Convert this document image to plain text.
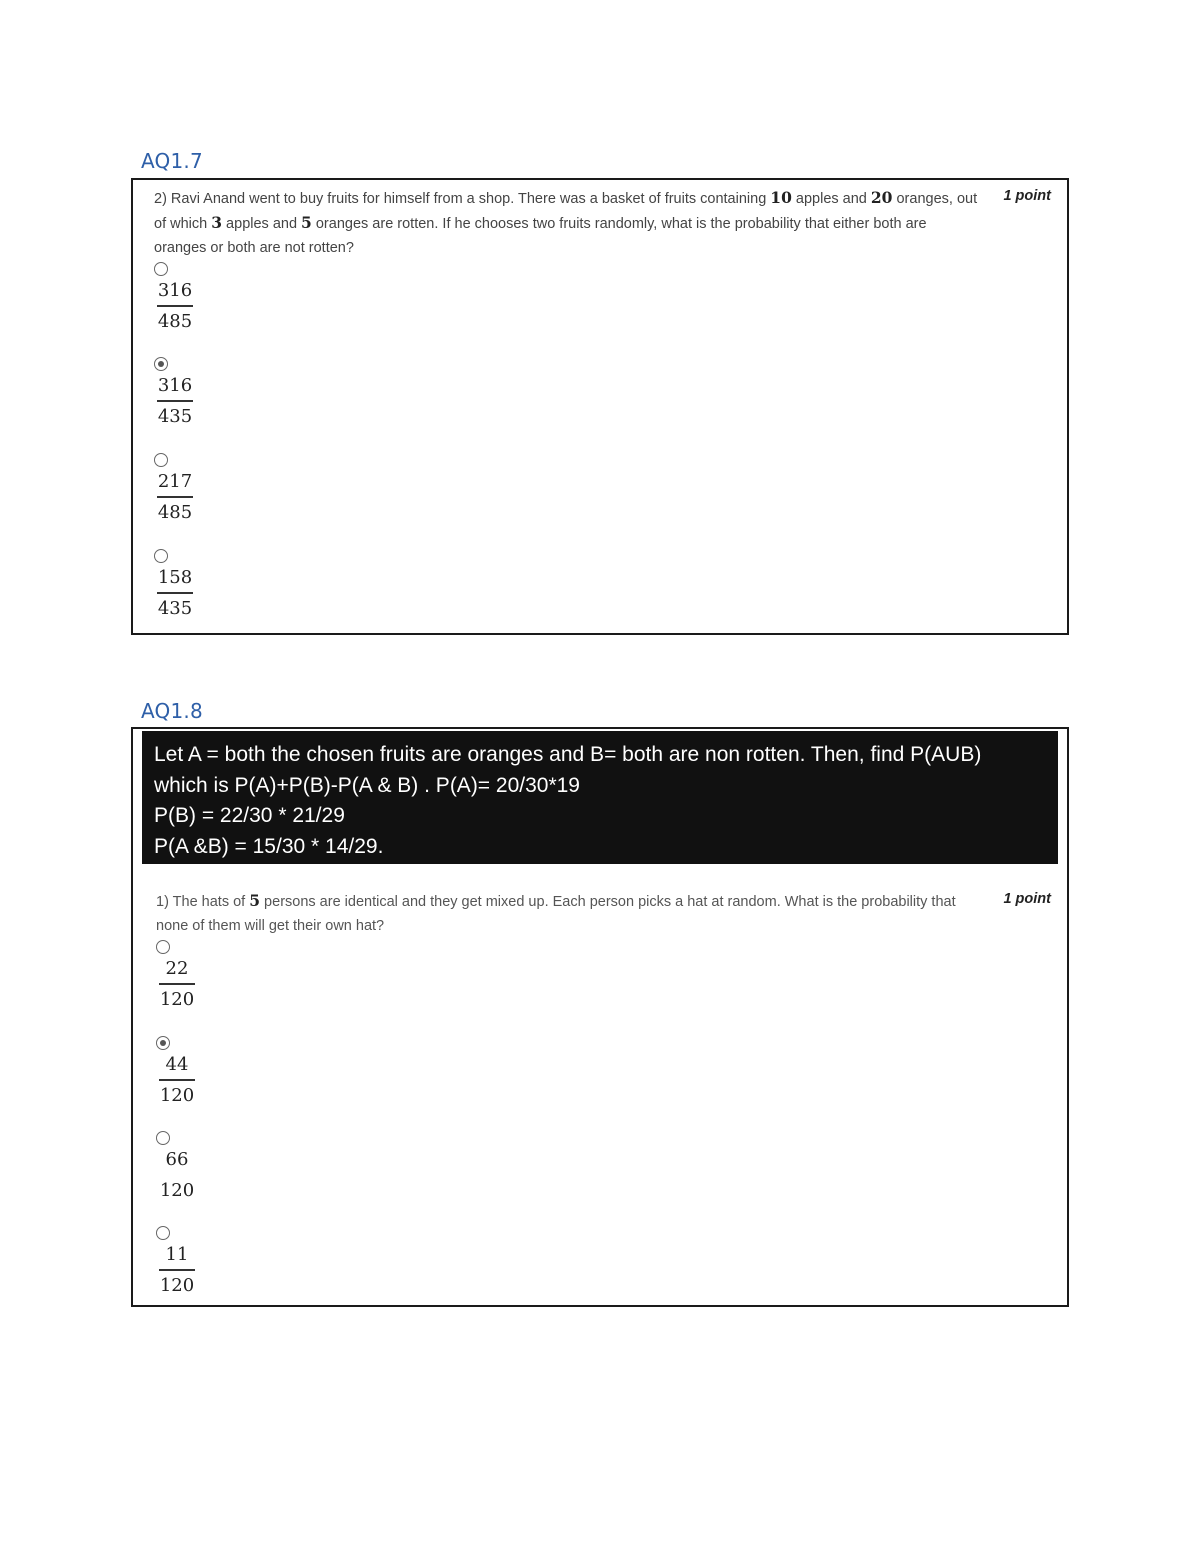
AQ1.7
2) Ravi Anand went to buy fruits for himself from a shop. There was a basket of fruits containing 10 apples and 20 oranges, out of which 3 apples and 5 oranges are rotten. If he chooses two fruits randomly, what is the probability that either both are oranges or both are not rotten?
1 point
316
485
316
435
217
485
158
435
AQ1.8
Let A = both the chosen fruits are oranges and B= both are non rotten. Then, find P(AUB)
which is P(A)+P(B)-P(A & B) . P(A)= 20/30*19
P(B) = 22/30 * 21/29
P(A &B) = 15/30 * 14/29.
1) The hats of 5 persons are identical and they get mixed up. Each person picks a hat at random. What is the probability that none of them will get their own hat?
1 point
22
120
44
120
66
120
11
120
